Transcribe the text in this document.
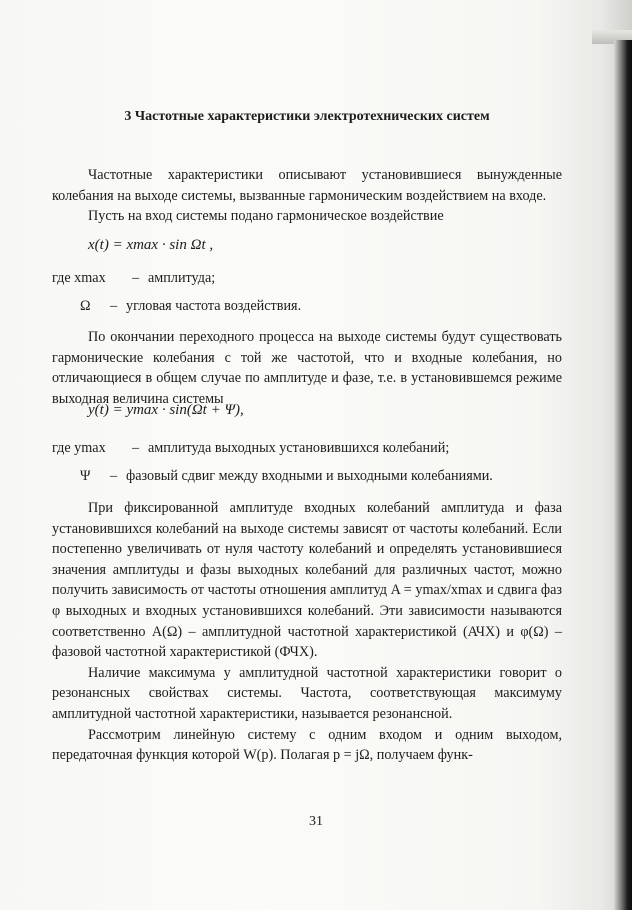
3 Частотные характеристики электротехнических систем

Частотные характеристики описывают установившиеся вынужденные колебания на выходе системы, вызванные гармоническим воздействием на входе.

Пусть на вход системы подано гармоническое воздействие

x(t) = xmax · sin Ωt ,
где xmax – амплитуда;
Ω – угловая частота воздействия.

По окончании переходного процесса на выходе системы будут существовать гармонические колебания с той же частотой, что и входные колебания, но отличающиеся в общем случае по амплитуде и фазе, т.е. в установившемся режиме выходная величина системы

y(t) = ymax · sin(Ωt + Ψ),
где ymax – амплитуда выходных установившихся колебаний;
Ψ – фазовый сдвиг между входными и выходными колебаниями.

При фиксированной амплитуде входных колебаний амплитуда и фаза установившихся колебаний на выходе системы зависят от частоты колебаний. Если постепенно увеличивать от нуля частоту колебаний и определять установившиеся значения амплитуды и фазы выходных колебаний для различных частот, можно получить зависимость от частоты отношения амплитуд A = ymax/xmax и сдвига фаз φ выходных и входных установившихся колебаний. Эти зависимости называются соответственно A(Ω) – амплитудной частотной характеристикой (АЧХ) и φ(Ω) – фазовой частотной характеристикой (ФЧХ).

Наличие максимума у амплитудной частотной характеристики говорит о резонансных свойствах системы. Частота, соответствующая максимуму амплитудной частотной характеристики, называется резонансной.

Рассмотрим линейную систему с одним входом и одним выходом, передаточная функция которой W(p). Полагая p = jΩ, получаем функ-

31
